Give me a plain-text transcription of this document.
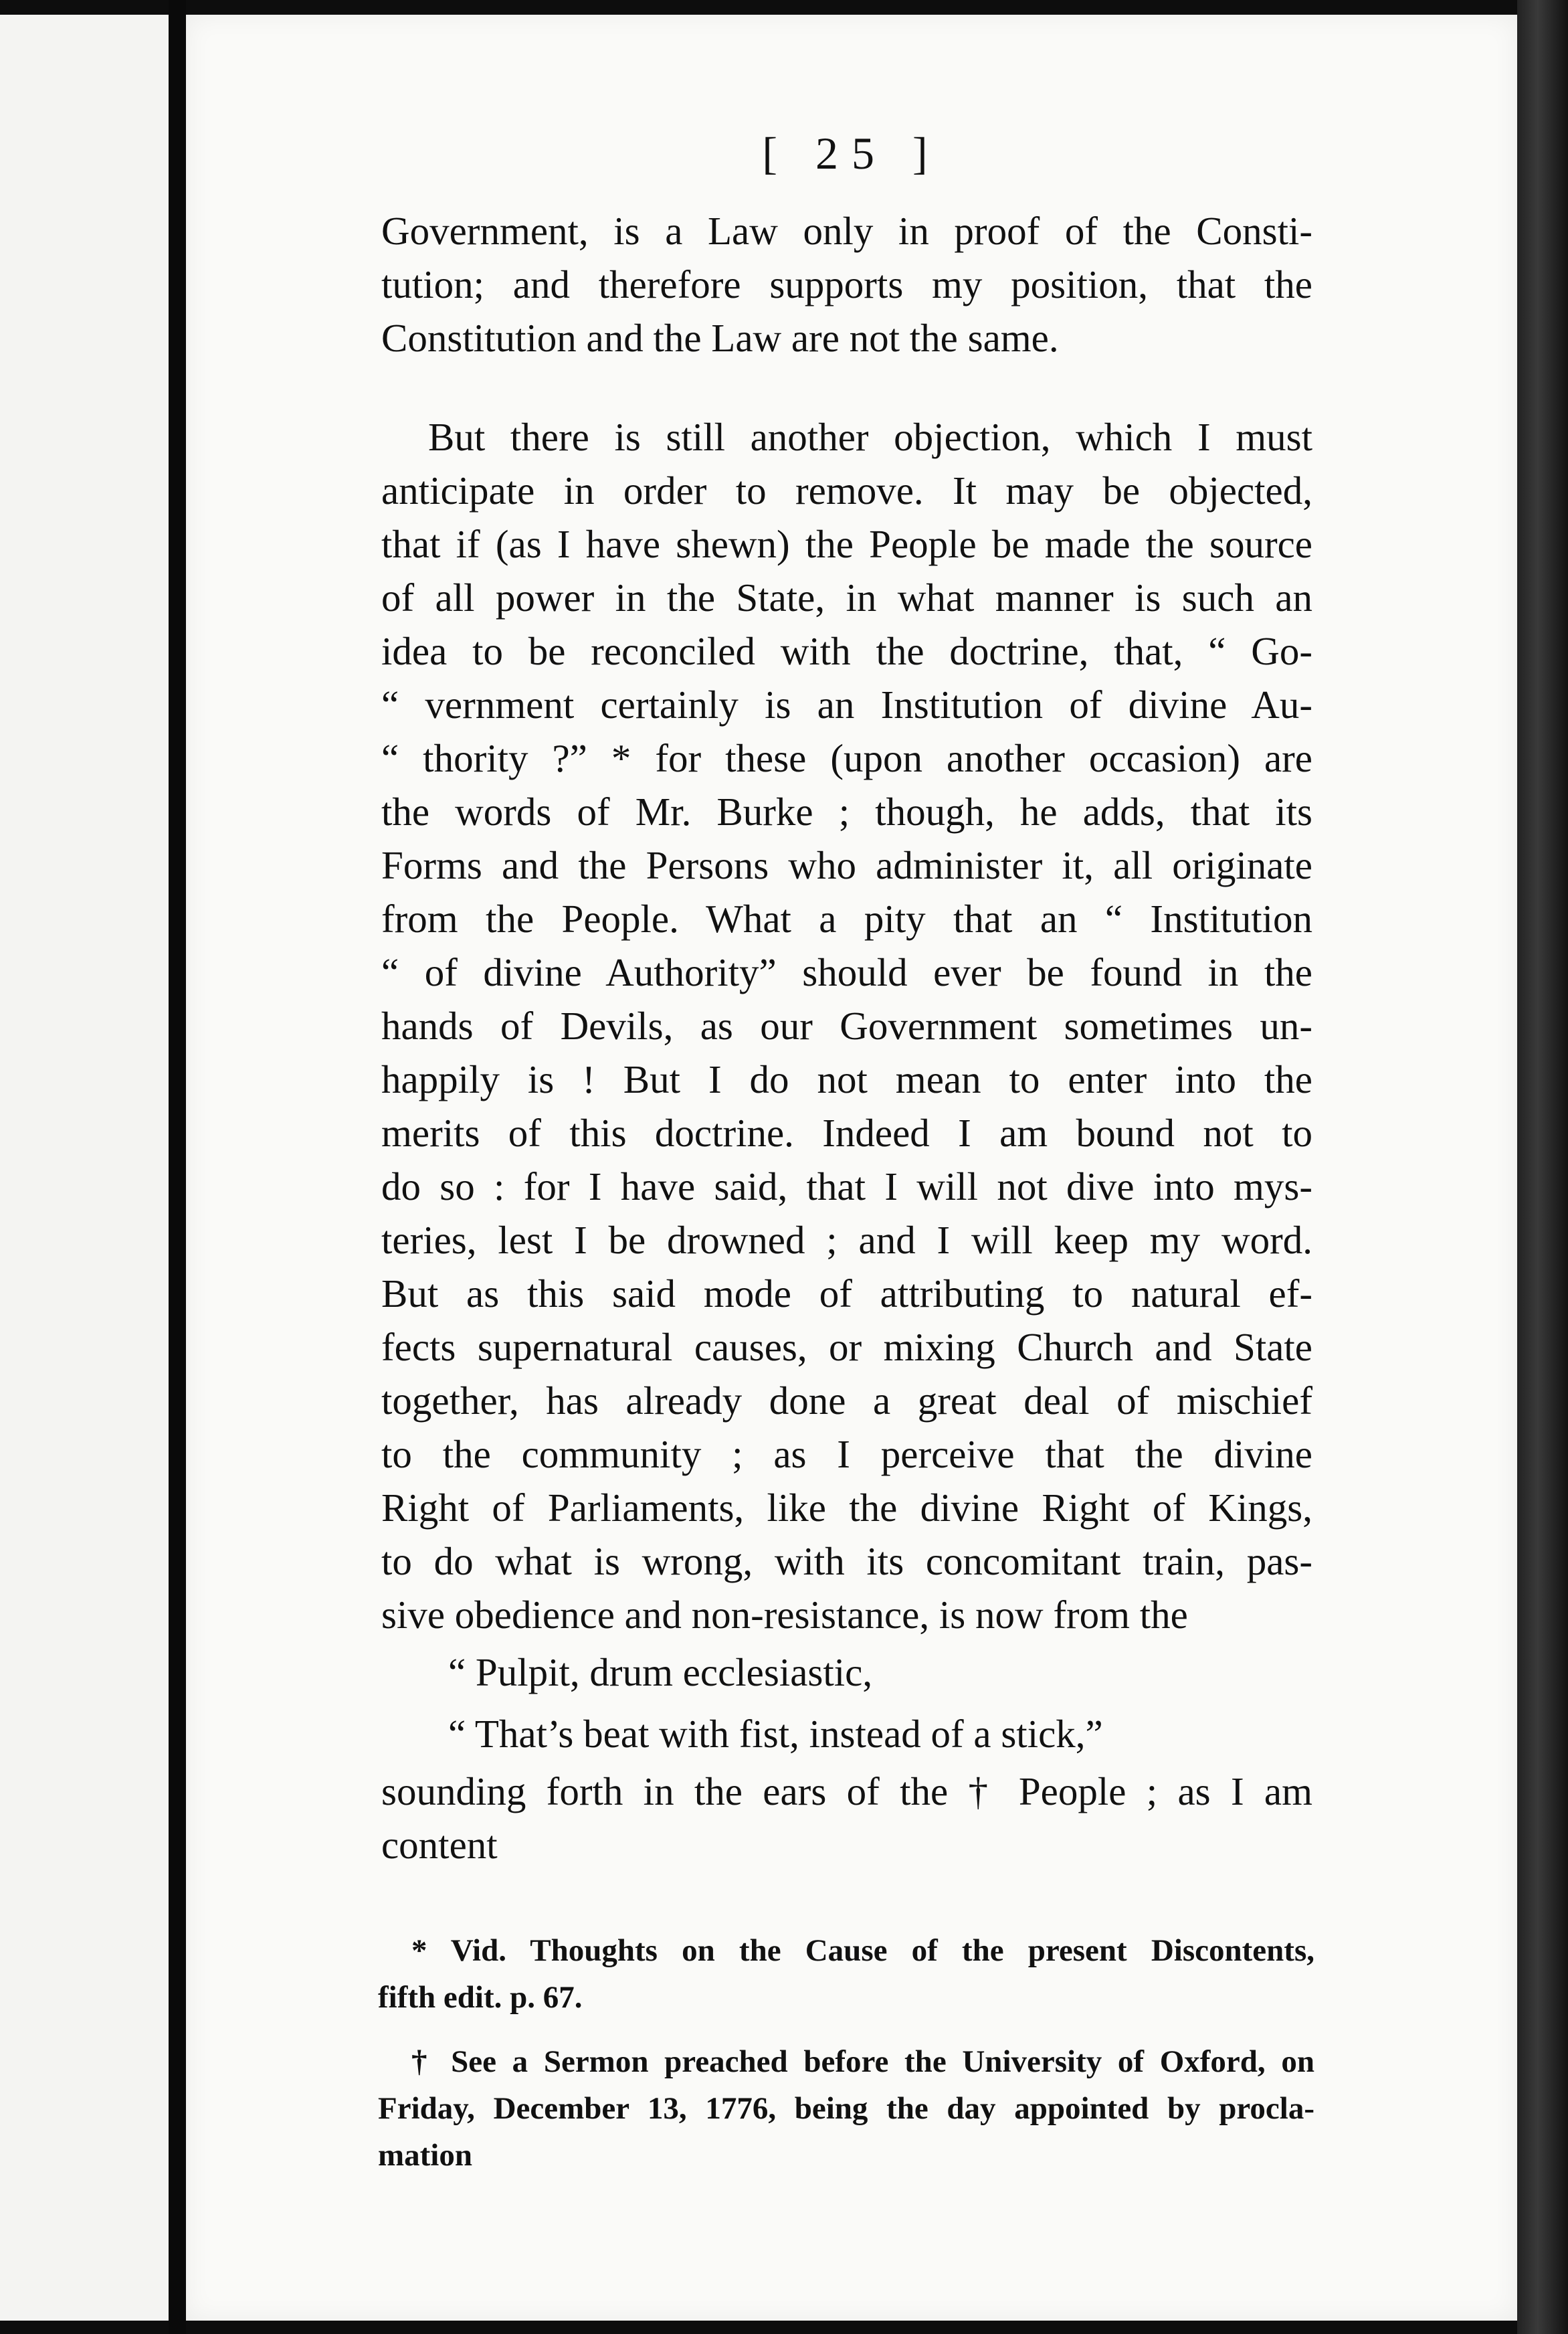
[ 25 ]

Government, is a Law only in proof of the Consti-
tution; and therefore supports my position, that the
Constitution and the Law are not the same.

But there is still another objection, which I must
anticipate in order to remove. It may be objected,
that if (as I have shewn) the People be made the source
of all power in the State, in what manner is such an
idea to be reconciled with the doctrine, that, “ Go-
“ vernment certainly is an Institution of divine Au-
“ thority ?” * for these (upon another occasion) are
the words of Mr. Burke ; though, he adds, that its
Forms and the Persons who administer it, all originate
from the People. What a pity that an “ Institution
“ of divine Authority” should ever be found in the
hands of Devils, as our Government sometimes un-
happily is ! But I do not mean to enter into the
merits of this doctrine. Indeed I am bound not to
do so : for I have said, that I will not dive into mys-
teries, lest I be drowned ; and I will keep my word.
But as this said mode of attributing to natural ef-
fects supernatural causes, or mixing Church and State
together, has already done a great deal of mischief
to the community ; as I perceive that the divine
Right of Parliaments, like the divine Right of Kings,
to do what is wrong, with its concomitant train, pas-
sive obedience and non-resistance, is now from the

“ Pulpit, drum ecclesiastic,

“ That’s beat with fist, instead of a stick,”

sounding forth in the ears of the † People ; as I am

content

* Vid. Thoughts on the Cause of the present Discontents,
fifth edit. p. 67.

† See a Sermon preached before the University of Oxford, on
Friday, December 13, 1776, being the day appointed by procla-

mation
